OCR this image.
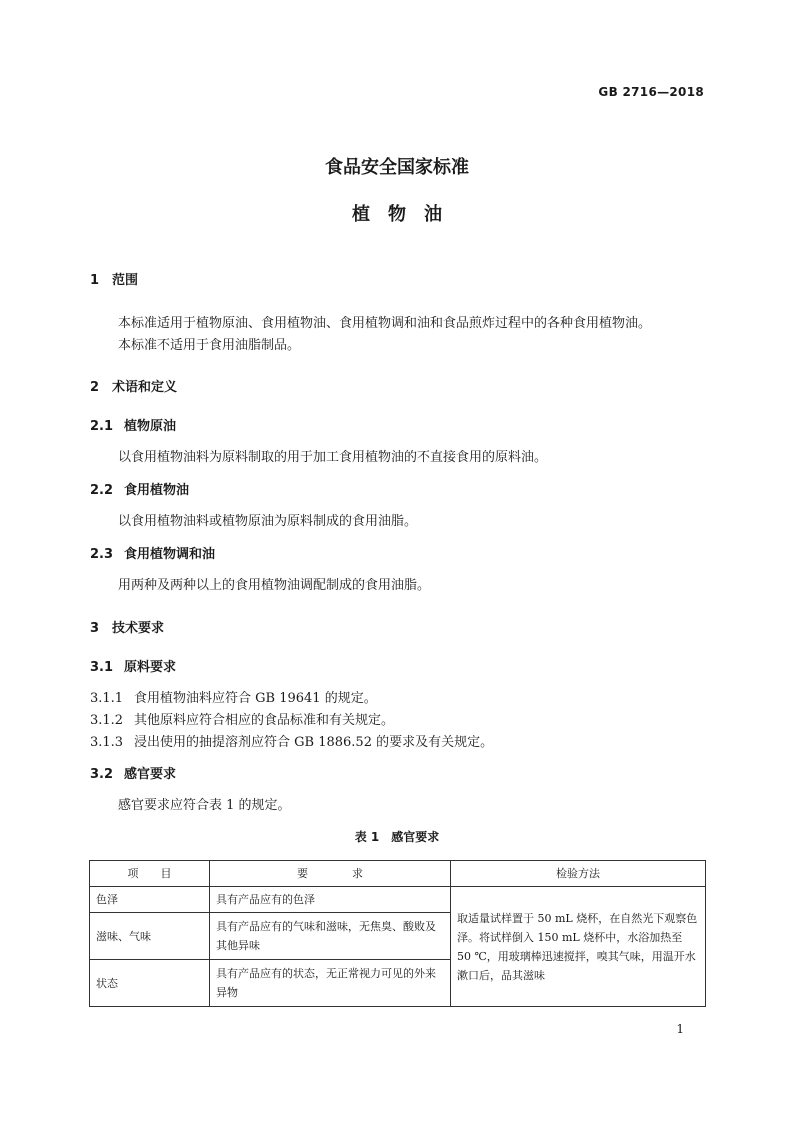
GB 2716—2018
食品安全国家标准
植　物　油
1 范围
本标准适用于植物原油、食用植物油、食用植物调和油和食品煎炸过程中的各种食用植物油。
本标准不适用于食用油脂制品。
2 术语和定义
2.1 植物原油
以食用植物油料为原料制取的用于加工食用植物油的不直接食用的原料油。
2.2 食用植物油
以食用植物油料或植物原油为原料制成的食用油脂。
2.3 食用植物调和油
用两种及两种以上的食用植物油调配制成的食用油脂。
3 技术要求
3.1 原料要求
3.1.1 食用植物油料应符合 GB 19641 的规定。
3.1.2 其他原料应符合相应的食品标准和有关规定。
3.1.3 浸出使用的抽提溶剂应符合 GB 1886.52 的要求及有关规定。
3.2 感官要求
感官要求应符合表 1 的规定。
表 1　感官要求
项　　目	要　　　　求	检验方法
色泽	具有产品应有的色泽	取适量试样置于 50 mL 烧杯，在自然光下观察色泽。将试样倒入 150 mL 烧杯中，水浴加热至 50 ℃，用玻璃棒迅速搅拌，嗅其气味，用温开水漱口后，品其滋味
滋味、气味	具有产品应有的气味和滋味，无焦臭、酸败及其他异味	
状态	具有产品应有的状态，无正常视力可见的外来异物	
1
